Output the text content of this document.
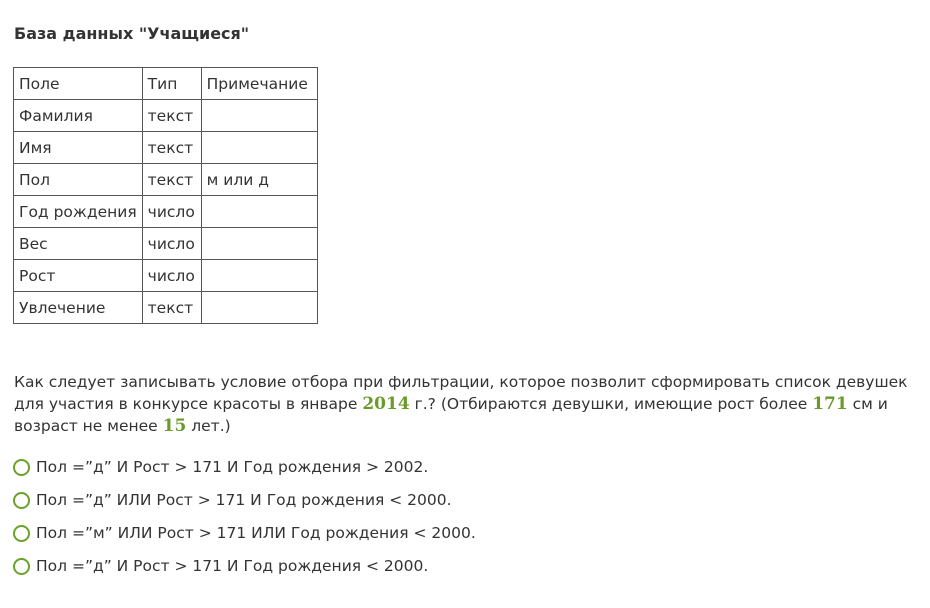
База данных "Учащиеся"
Поле	Тип	Примечание
Фамилия	текст	
Имя	текст	
Пол	текст	м или д
Год рождения	число	
Вес	число	
Рост	число	
Увлечение	текст	

Как следует записывать условие отбора при фильтрации, которое позволит сформировать список девушек для участия в конкурсе красоты в январе 2014 г.? (Отбираются девушки, имеющие рост более 171 см и возраст не менее 15 лет.)

Пол =”д” И Рост > 171 И Год рождения > 2002.
Пол =”д” ИЛИ Рост > 171 И Год рождения < 2000.
Пол =”м” ИЛИ Рост > 171 ИЛИ Год рождения < 2000.
Пол =”д” И Рост > 171 И Год рождения < 2000.
